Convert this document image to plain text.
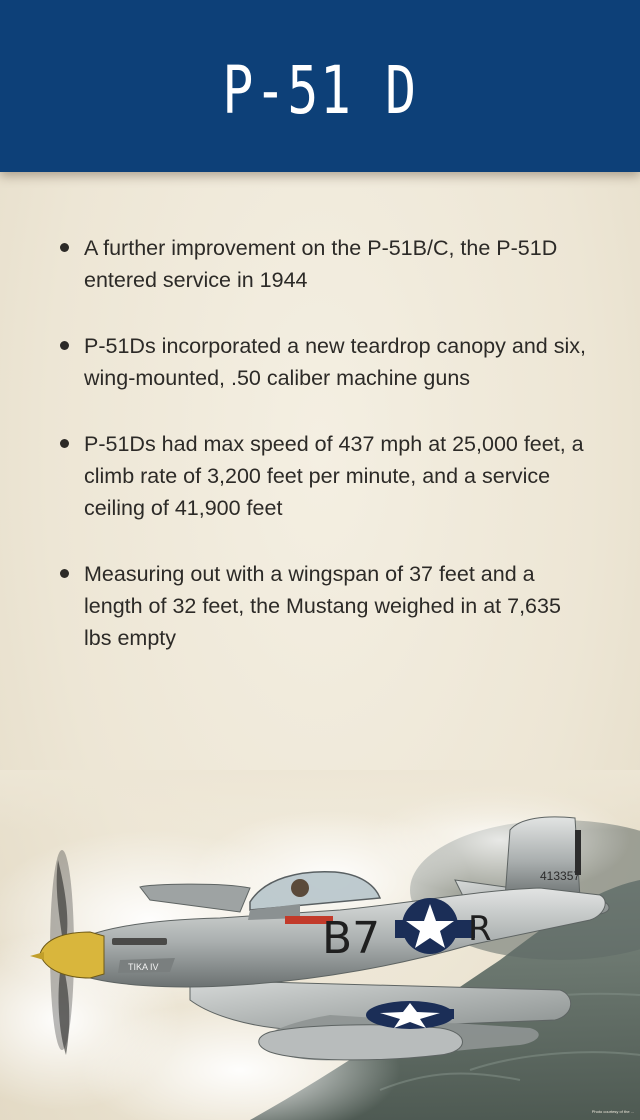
P-51 D
A further improvement on the P-51B/C, the P-51D entered service in 1944
P-51Ds incorporated a new teardrop canopy and six, wing-mounted, .50 caliber machine guns
P-51Ds had max speed of 437 mph at 25,000 feet, a climb rate of 3,200 feet per minute, and a service ceiling of 41,900 feet
Measuring out with a wingspan of 37 feet and a length of 32 feet, the Mustang weighed in at 7,635 lbs empty
413357
TIKA IV
B7	R
Photo courtesy of the ...
